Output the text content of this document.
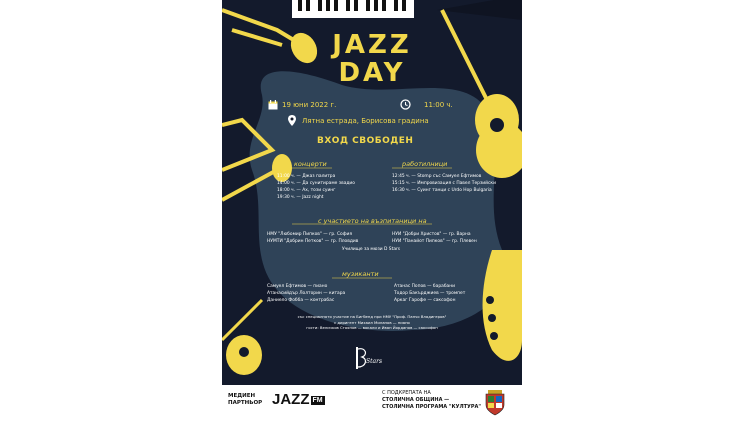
JAZZ
DAY
19 юни 2022 г.	11:00 ч.
Лятна естрада, Борисова градина
ВХОД СВОБОДЕН
концерти	работилници
11:00 ч. — Джаз палитра
14:00 ч. — Да сунитираме звадио
18:00 ч. — Ах, този суинг
19:30 ч. — Jazz night
12:45 ч. — Stomp със Самуел Ефтимов
15:15 ч. — Импровизация с Павел Терзийски
16:30 ч. — Суинг танци с Urdo Hop Bulgaria
с участието на възпитаници на
НМУ "Любомир Пипков" — гр. София
НУМТИ "Добрин Петков" — гр. Пловдив
НУИ "Добри Христов" — гр. Варна
НУИ "Панайот Пипков" — гр. Плевен
Училище за мюзи D Stars
музиканти
Самуел Ефтимов — пиано
Атанасийдър Лолторин — китара
Даниело Фобба — контрабас
Атанас Попов — барабани
Тодор Бакърджиев — тромпет
Аркаг Гарофе — саксофон
със специалното участие на Бигбенд при НМУ "Проф. Панчо Владигеров"
с диригент Михаил Миланов — пиано
гости: Величков Стоянов — вокали и Иван Йорданов — саксофон
Stars
МЕДИЕН
ПАРТНЬОР JAZZ FM
С ПОДКРЕПАТА НА
СТОЛИЧНА ОБЩИНА —
СТОЛИЧНА ПРОГРАМА "КУЛТУРА"
